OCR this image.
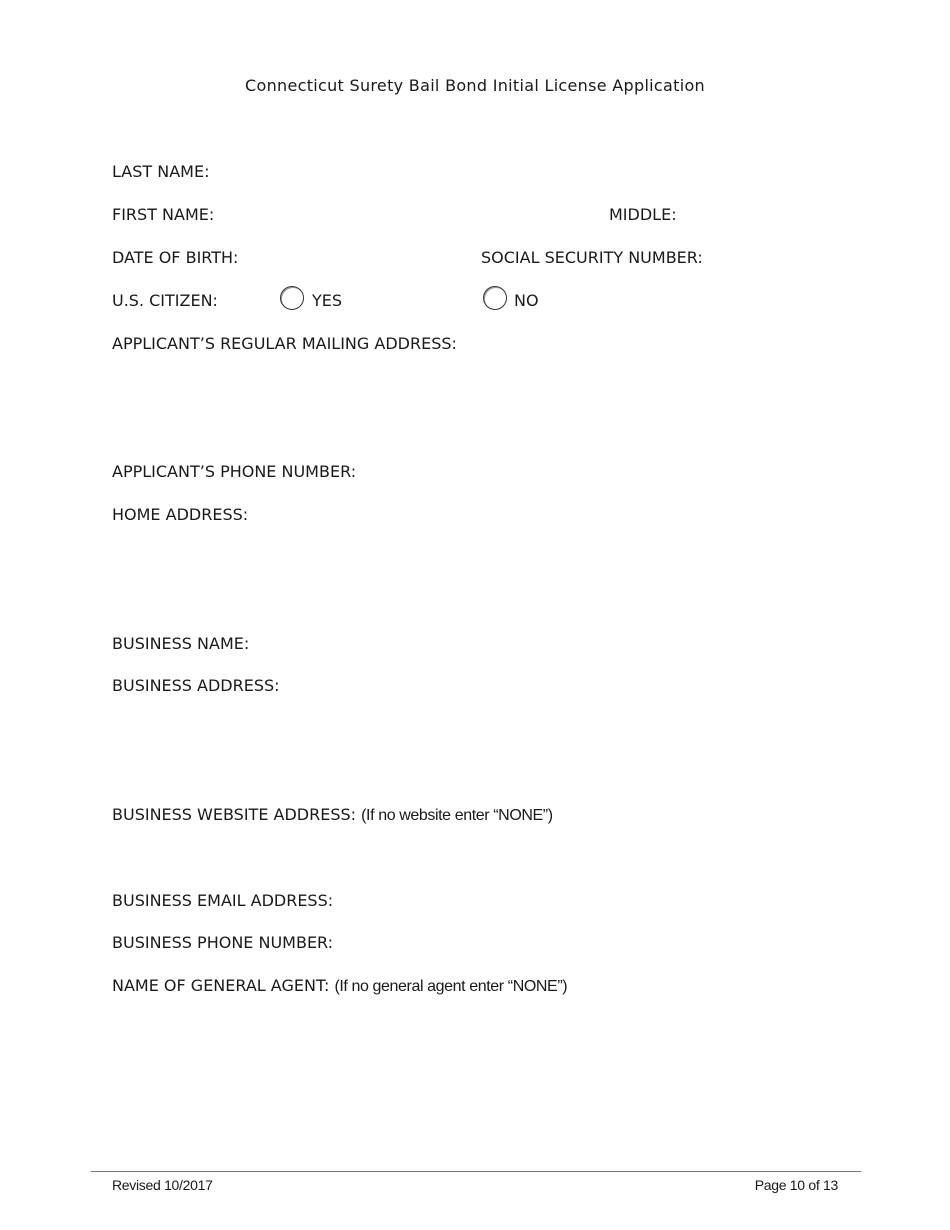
Connecticut Surety Bail Bond Initial License Application
LAST NAME:
FIRST NAME:	MIDDLE:
DATE OF BIRTH:	SOCIAL SECURITY NUMBER:
U.S. CITIZEN:	YES	NO
APPLICANT’S REGULAR MAILING ADDRESS:
APPLICANT’S PHONE NUMBER:
HOME ADDRESS:
BUSINESS NAME:
BUSINESS ADDRESS:
BUSINESS WEBSITE ADDRESS: (If no website enter “NONE”)
BUSINESS EMAIL ADDRESS:
BUSINESS PHONE NUMBER:
NAME OF GENERAL AGENT: (If no general agent enter “NONE”)
Revised 10/2017	Page 10 of 13
